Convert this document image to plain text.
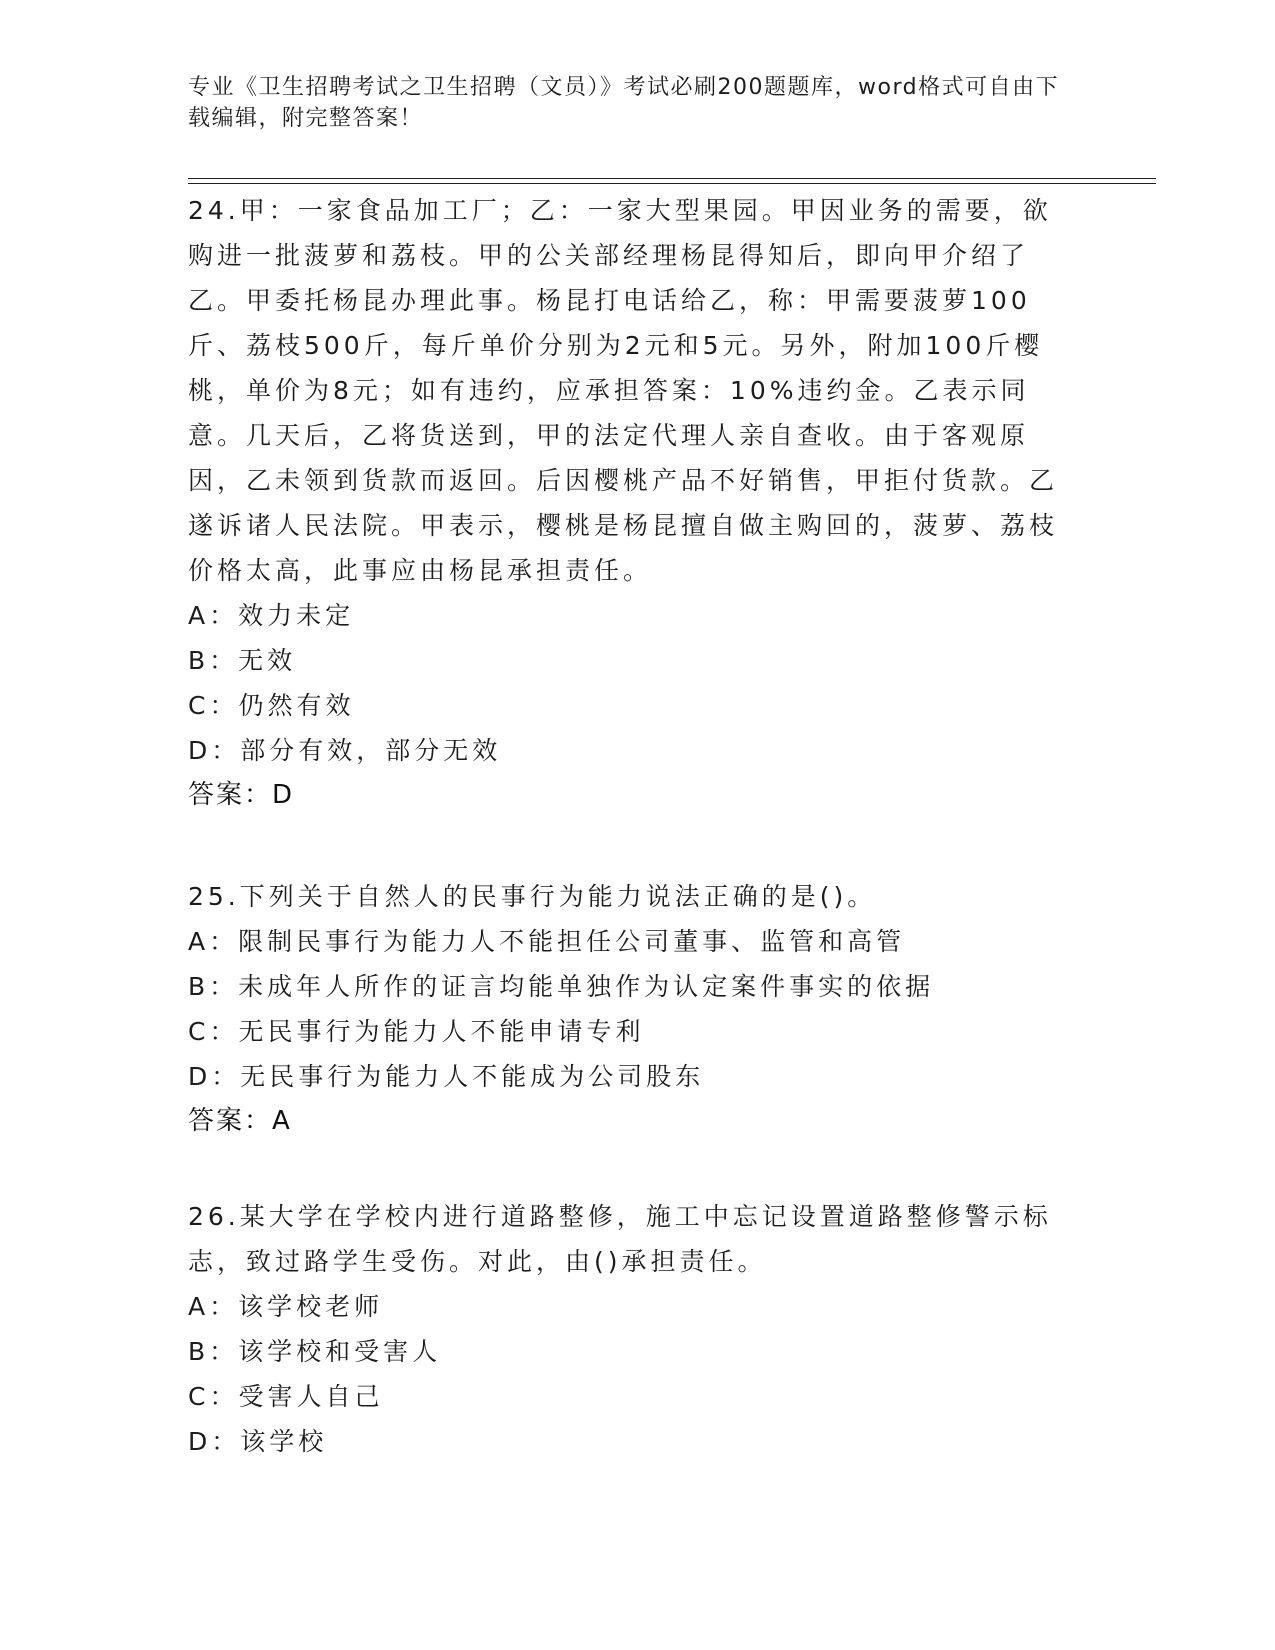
专业《卫生招聘考试之卫生招聘（文员）》考试必刷200题题库，word格式可自由下载编辑，附完整答案！

24.甲：一家食品加工厂；乙：一家大型果园。甲因业务的需要，欲购进一批菠萝和荔枝。甲的公关部经理杨昆得知后，即向甲介绍了乙。甲委托杨昆办理此事。杨昆打电话给乙，称：甲需要菠萝100斤、荔枝500斤，每斤单价分别为2元和5元。另外，附加100斤樱桃，单价为8元；如有违约，应承担答案：10%违约金。乙表示同意。几天后，乙将货送到，甲的法定代理人亲自查收。由于客观原因，乙未领到货款而返回。后因樱桃产品不好销售，甲拒付货款。乙遂诉诸人民法院。甲表示，樱桃是杨昆擅自做主购回的，菠萝、荔枝价格太高，此事应由杨昆承担责任。

A：效力未定

B：无效

C：仍然有效

D：部分有效，部分无效

答案：D

25.下列关于自然人的民事行为能力说法正确的是()。

A：限制民事行为能力人不能担任公司董事、监管和高管

B：未成年人所作的证言均能单独作为认定案件事实的依据

C：无民事行为能力人不能申请专利

D：无民事行为能力人不能成为公司股东

答案：A

26.某大学在学校内进行道路整修，施工中忘记设置道路整修警示标志，致过路学生受伤。对此，由()承担责任。

A：该学校老师

B：该学校和受害人

C：受害人自己

D：该学校
